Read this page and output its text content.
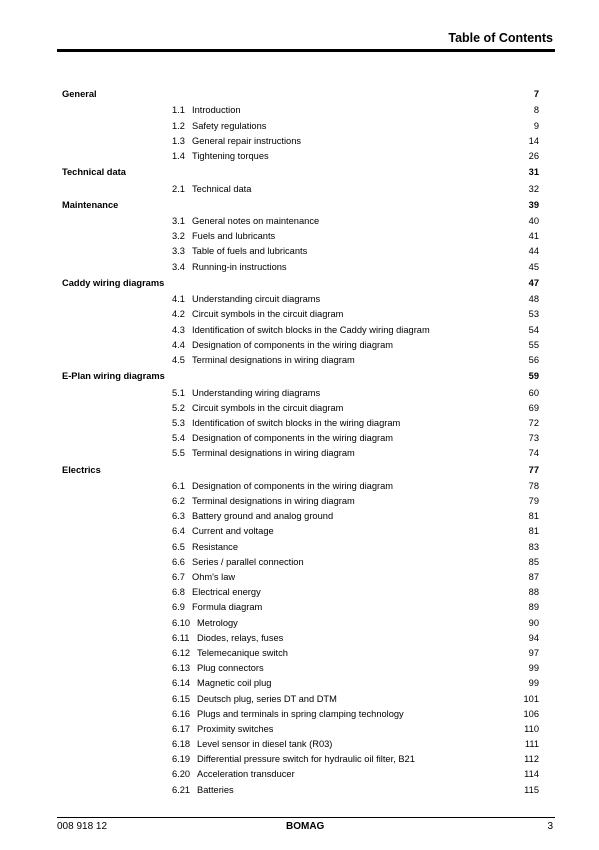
Table of Contents
General	7
1.1 Introduction	8
1.2 Safety regulations	9
1.3 General repair instructions	14
1.4 Tightening torques	26
Technical data	31
2.1 Technical data	32
Maintenance	39
3.1 General notes on maintenance	40
3.2 Fuels and lubricants	41
3.3 Table of fuels and lubricants	44
3.4 Running-in instructions	45
Caddy wiring diagrams	47
4.1 Understanding circuit diagrams	48
4.2 Circuit symbols in the circuit diagram	53
4.3 Identification of switch blocks in the Caddy wiring diagram	54
4.4 Designation of components in the wiring diagram	55
4.5 Terminal designations in wiring diagram	56
E-Plan wiring diagrams	59
5.1 Understanding wiring diagrams	60
5.2 Circuit symbols in the circuit diagram	69
5.3 Identification of switch blocks in the wiring diagram	72
5.4 Designation of components in the wiring diagram	73
5.5 Terminal designations in wiring diagram	74
Electrics	77
6.1 Designation of components in the wiring diagram	78
6.2 Terminal designations in wiring diagram	79
6.3 Battery ground and analog ground	81
6.4 Current and voltage	81
6.5 Resistance	83
6.6 Series / parallel connection	85
6.7 Ohm's law	87
6.8 Electrical energy	88
6.9 Formula diagram	89
6.10 Metrology	90
6.11 Diodes, relays, fuses	94
6.12 Telemecanique switch	97
6.13 Plug connectors	99
6.14 Magnetic coil plug	99
6.15 Deutsch plug, series DT and DTM	101
6.16 Plugs and terminals in spring clamping technology	106
6.17 Proximity switches	110
6.18 Level sensor in diesel tank (R03)	111
6.19 Differential pressure switch for hydraulic oil filter, B21	112
6.20 Acceleration transducer	114
6.21 Batteries	115
008 918 12	BOMAG	3
